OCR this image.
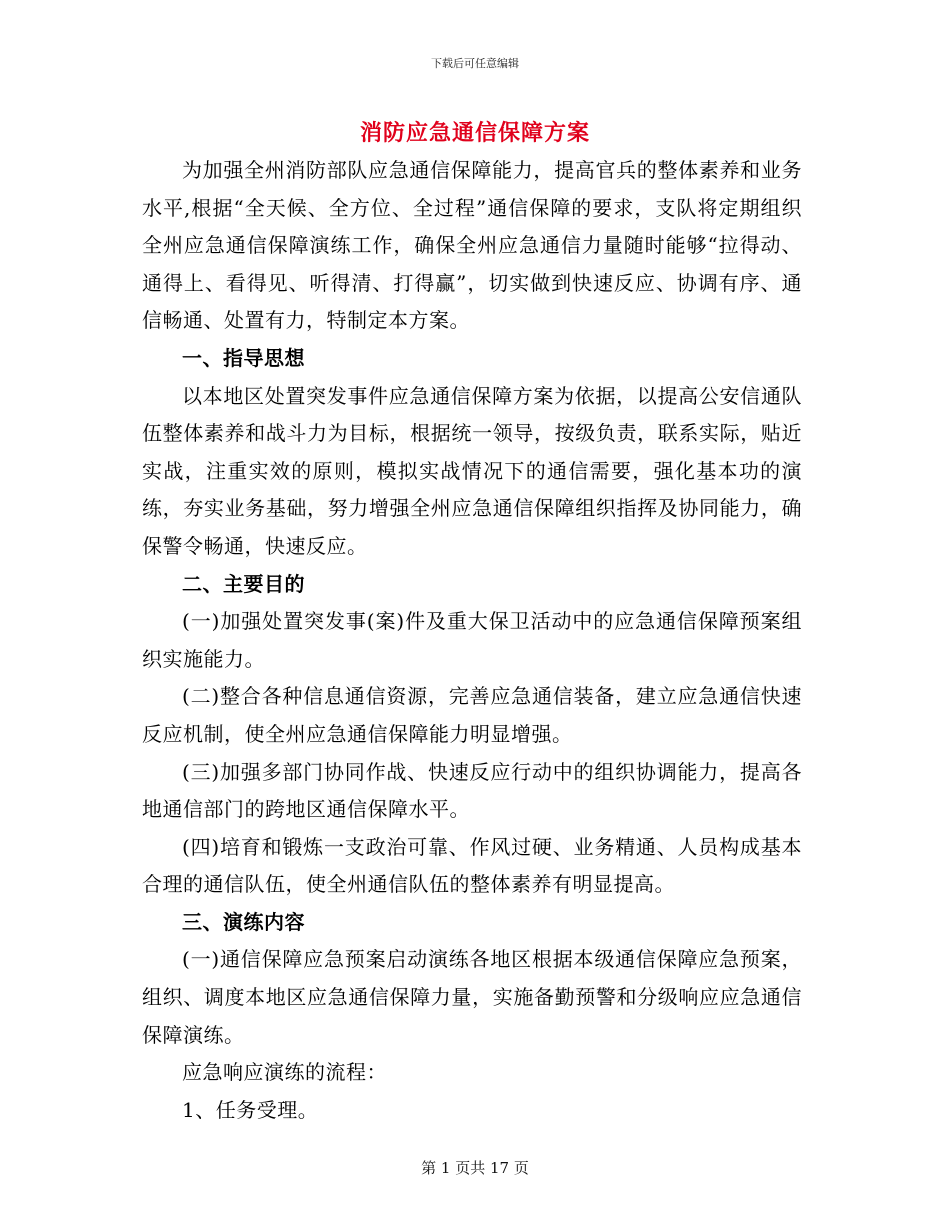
下载后可任意编辑
消防应急通信保障方案

为加强全州消防部队应急通信保障能力，提高官兵的整体素养和业务水平,根据“全天候、全方位、全过程”通信保障的要求，支队将定期组织全州应急通信保障演练工作，确保全州应急通信力量随时能够“拉得动、通得上、看得见、听得清、打得赢”，切实做到快速反应、协调有序、通信畅通、处置有力，特制定本方案。

一、指导思想

以本地区处置突发事件应急通信保障方案为依据，以提高公安信通队伍整体素养和战斗力为目标，根据统一领导，按级负责，联系实际，贴近实战，注重实效的原则，模拟实战情况下的通信需要，强化基本功的演练，夯实业务基础，努力增强全州应急通信保障组织指挥及协同能力，确保警令畅通，快速反应。

二、主要目的

(一)加强处置突发事(案)件及重大保卫活动中的应急通信保障预案组织实施能力。

(二)整合各种信息通信资源，完善应急通信装备，建立应急通信快速反应机制，使全州应急通信保障能力明显增强。

(三)加强多部门协同作战、快速反应行动中的组织协调能力，提高各地通信部门的跨地区通信保障水平。

(四)培育和锻炼一支政治可靠、作风过硬、业务精通、人员构成基本合理的通信队伍，使全州通信队伍的整体素养有明显提高。

三、演练内容

(一)通信保障应急预案启动演练各地区根据本级通信保障应急预案，组织、调度本地区应急通信保障力量，实施备勤预警和分级响应应急通信保障演练。

应急响应演练的流程：

1、任务受理。

第 1 页共 17 页
